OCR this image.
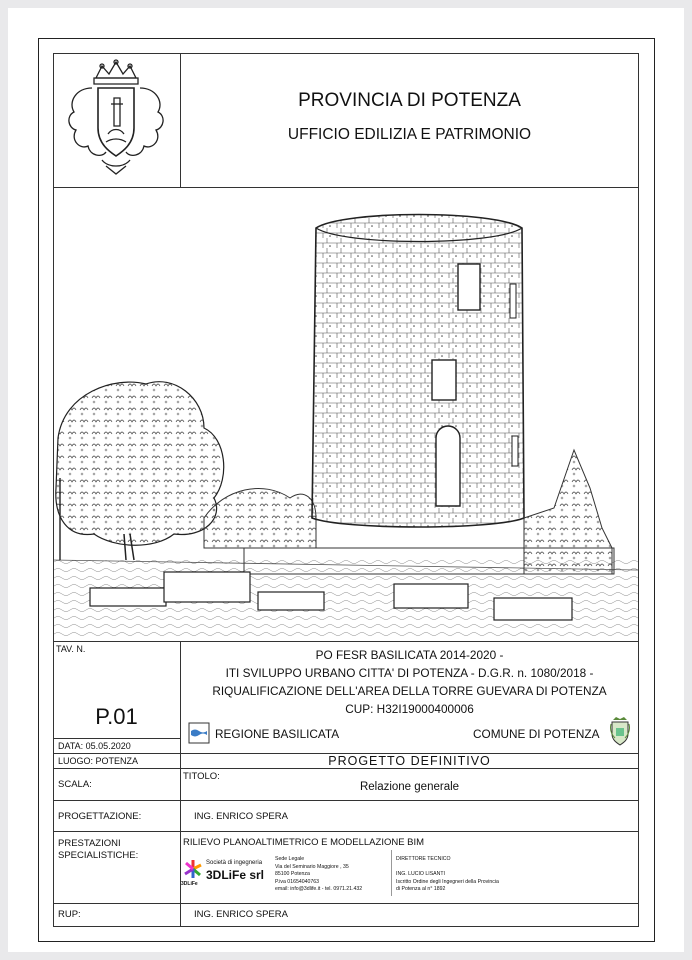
PROVINCIA DI POTENZA
UFFICIO EDILIZIA E PATRIMONIO
TAV. N.
P.01
DATA: 05.05.2020
LUOGO: POTENZA
PO FESR BASILICATA 2014-2020 -
ITI SVILUPPO URBANO CITTA' DI POTENZA - D.G.R. n. 1080/2018 -
RIQUALIFICAZIONE DELL'AREA DELLA TORRE GUEVARA DI POTENZA
CUP: H32I19000400006
REGIONE BASILICATA	COMUNE DI POTENZA
PROGETTO DEFINITIVO
SCALA:
TITOLO:
Relazione generale
PROGETTAZIONE:	ING. ENRICO SPERA
PRESTAZIONI
SPECIALISTICHE:
RILIEVO PLANOALTIMETRICO E MODELLAZIONE BIM
3DLiFe
Società di ingegneria
3DLiFe srl
Sede Legale
Via del Seminario Maggiore , 35
85100 Potenza
P.iva 01654040763
email: info@3dlife.it - tel. 0971.21.432
DIRETTORE TECNICO
ING. LUCIO LISANTI
Iscritto Ordine degli Ingegneri della Provincia
di Potenza al n° 1892
RUP:	ING. ENRICO SPERA
